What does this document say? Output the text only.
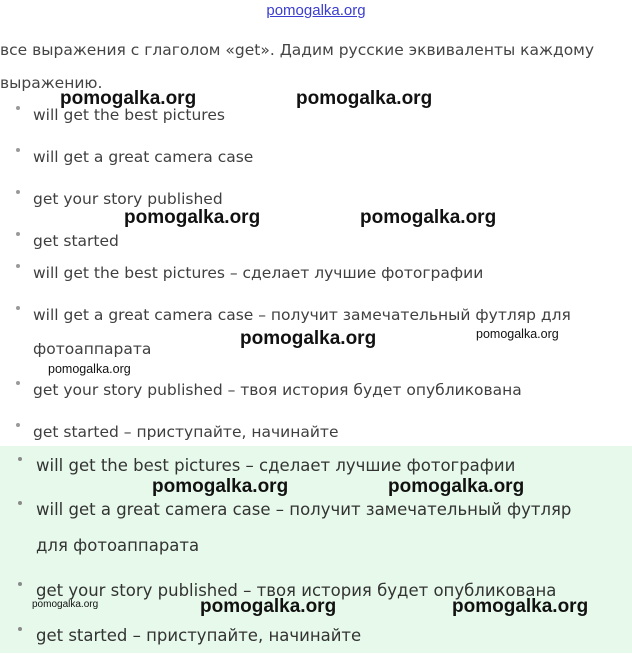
pomogalka.org
все выражения с глаголом «get». Дадим русские эквиваленты каждому выражению.
will get the best pictures
will get a great camera case
get your story published
get started
will get the best pictures – сделает лучшие фотографии
will get a great camera case – получит замечательный футляр для фотоаппарата
get your story published – твоя история будет опубликована
get started – приступайте, начинайте
will get the best pictures – сделает лучшие фотографии
will get a great camera case – получит замечательный футляр для фотоаппарата
get your story published – твоя история будет опубликована
get started – приступайте, начинайте
pomogalka.org	pomogalka.org
pomogalka.org	pomogalka.org
pomogalka.org	pomogalka.org
pomogalka.org
pomogalka.org	pomogalka.org
pomogalka.org	pomogalka.org	pomogalka.org
